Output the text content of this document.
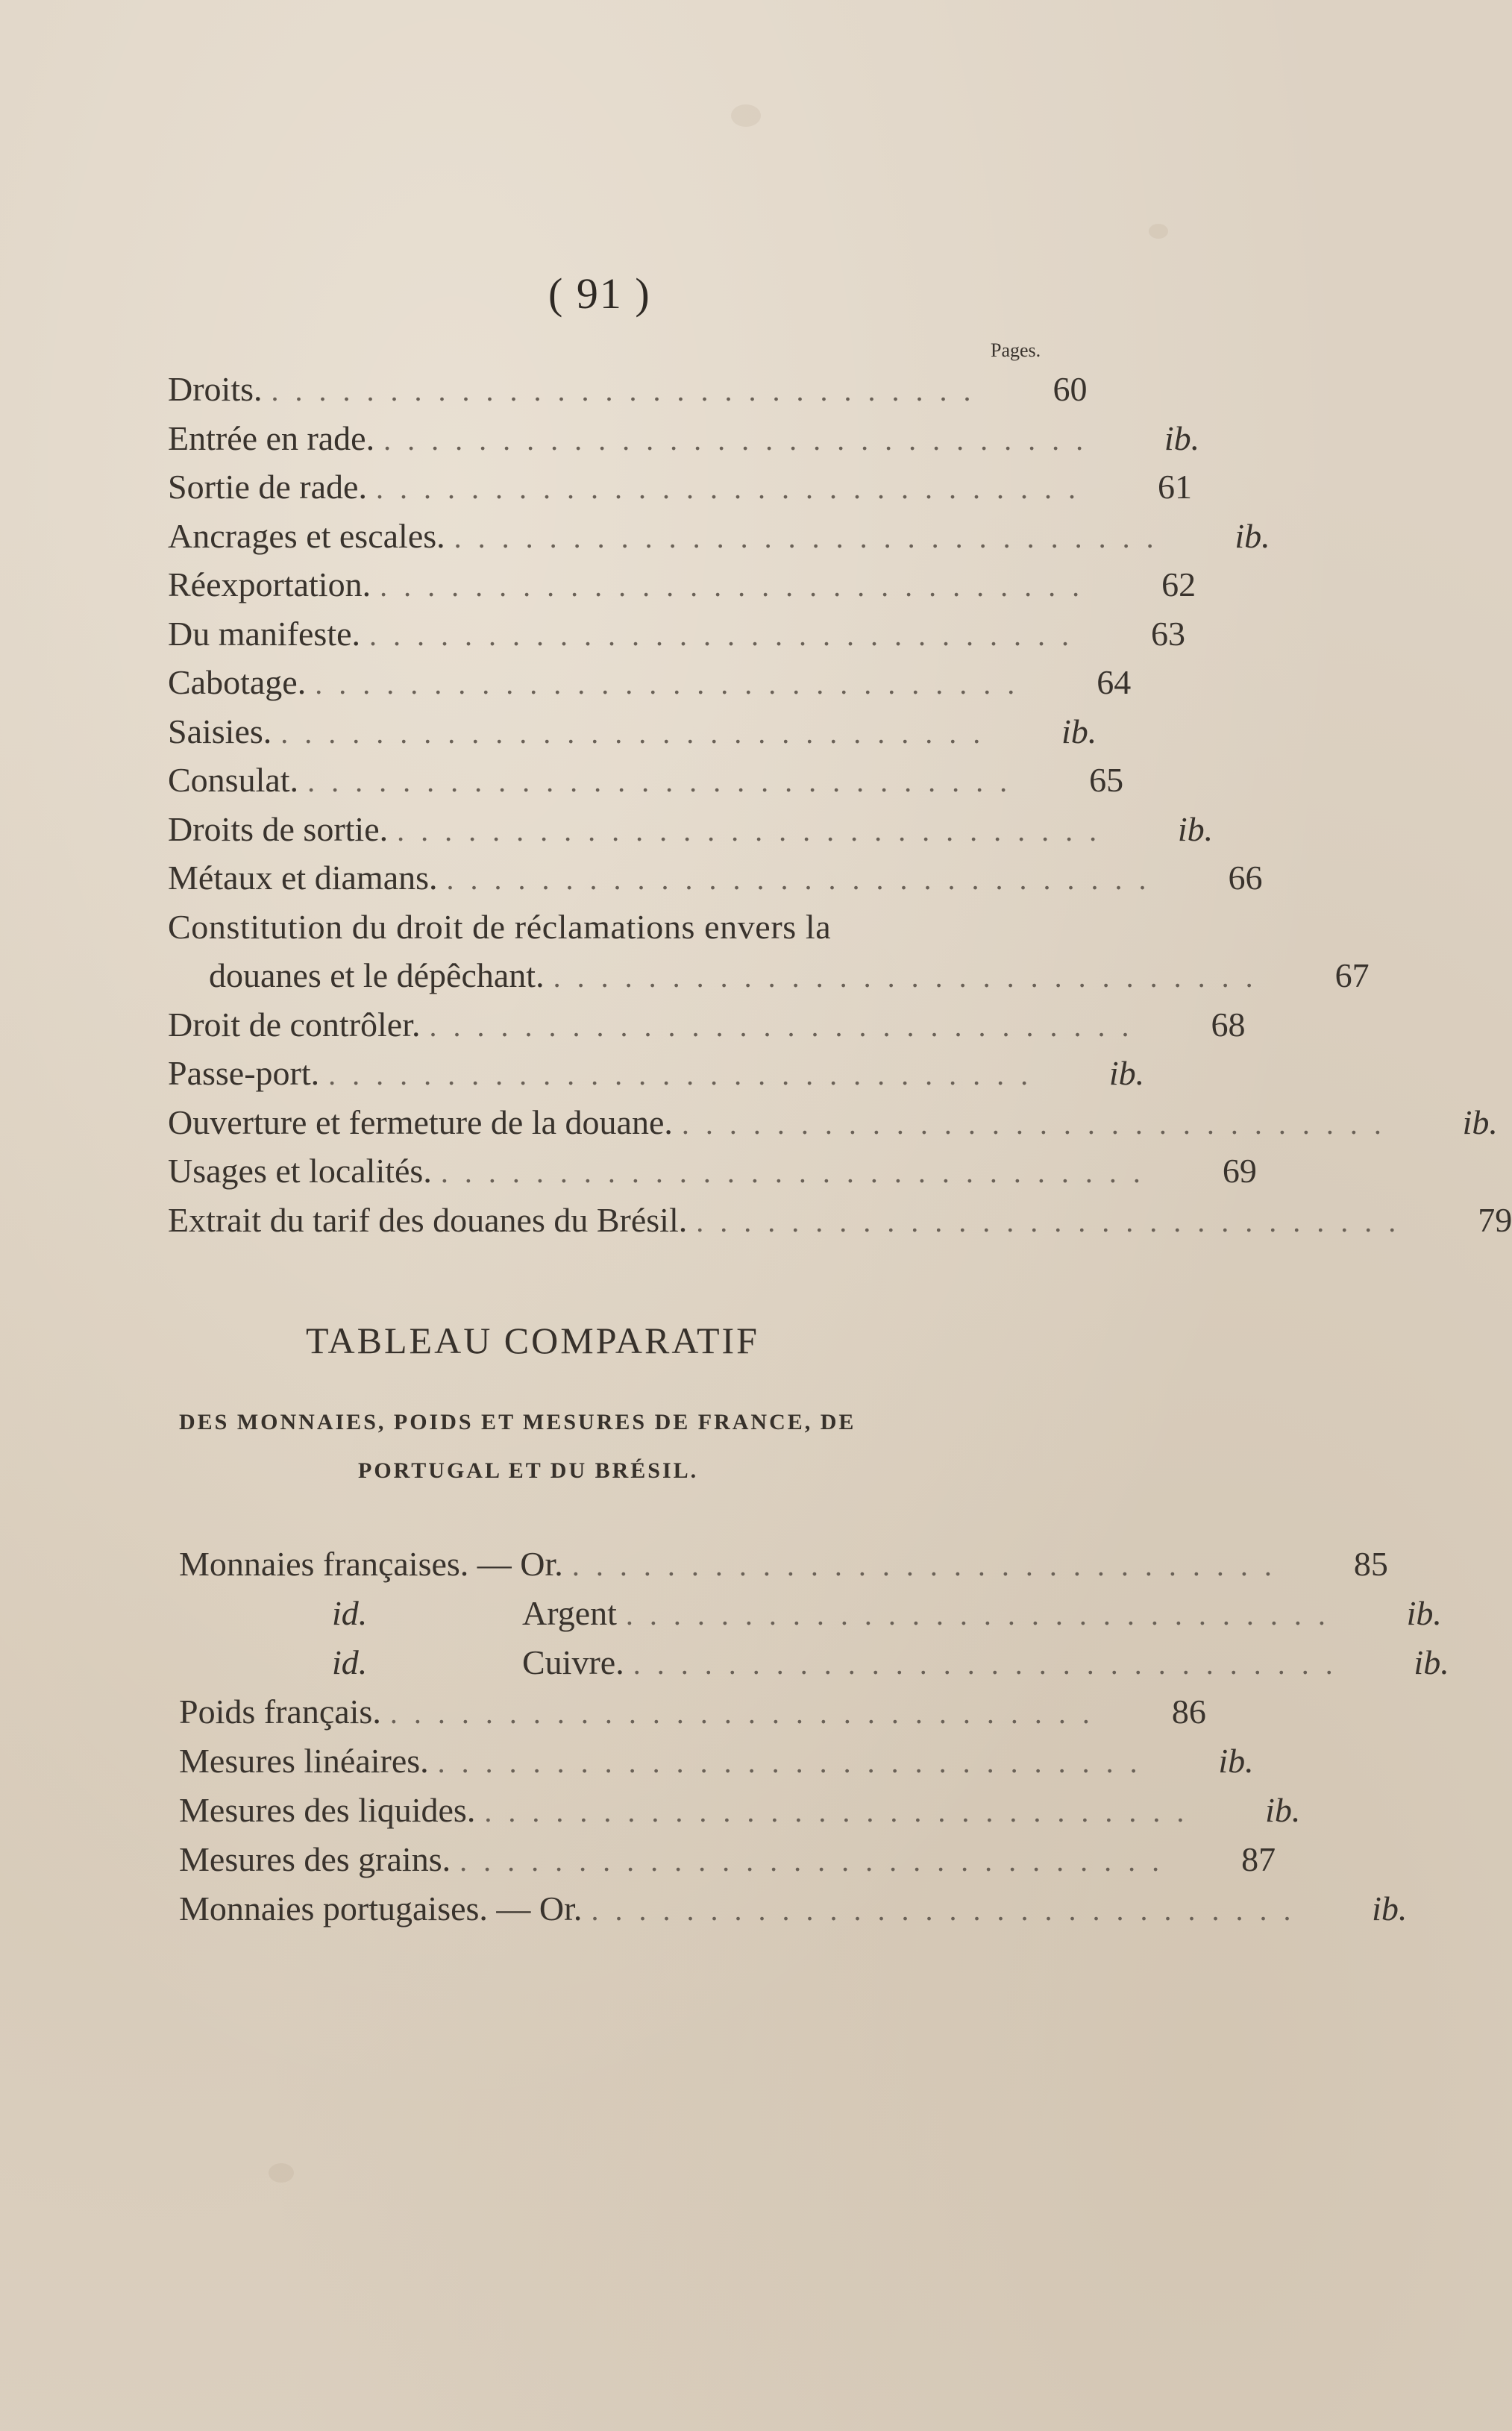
( 91 )
Pages.
Droits. ..............................	60
Entrée en rade. ..............................	ib.
Sortie de rade. ..............................	61
Ancrages et escales. ..............................	ib.
Réexportation. ..............................	62
Du manifeste. ..............................	63
Cabotage. ..............................	64
Saisies. ..............................	ib.
Consulat. ..............................	65
Droits de sortie. ..............................	ib.
Métaux et diamans. ..............................	66
Constitution du droit de réclamations envers la
douanes et le dépêchant. ..............................	67
Droit de contrôler. ..............................	68
Passe-port. ..............................	ib.
Ouverture et fermeture de la douane. ..............................	ib.
Usages et localités. ..............................	69
Extrait du tarif des douanes du Brésil. ..............................	79
TABLEAU COMPARATIF
DES MONNAIES, POIDS ET MESURES DE FRANCE, DE
PORTUGAL ET DU BRÉSIL.
Monnaies françaises. — Or. ..............................	85
id.	Argent ..............................	ib.
id.	Cuivre. ..............................	ib.
Poids français. ..............................	86
Mesures linéaires. ..............................	ib.
Mesures des liquides. ..............................	ib.
Mesures des grains. ..............................	87
Monnaies portugaises. — Or. ..............................	ib.
